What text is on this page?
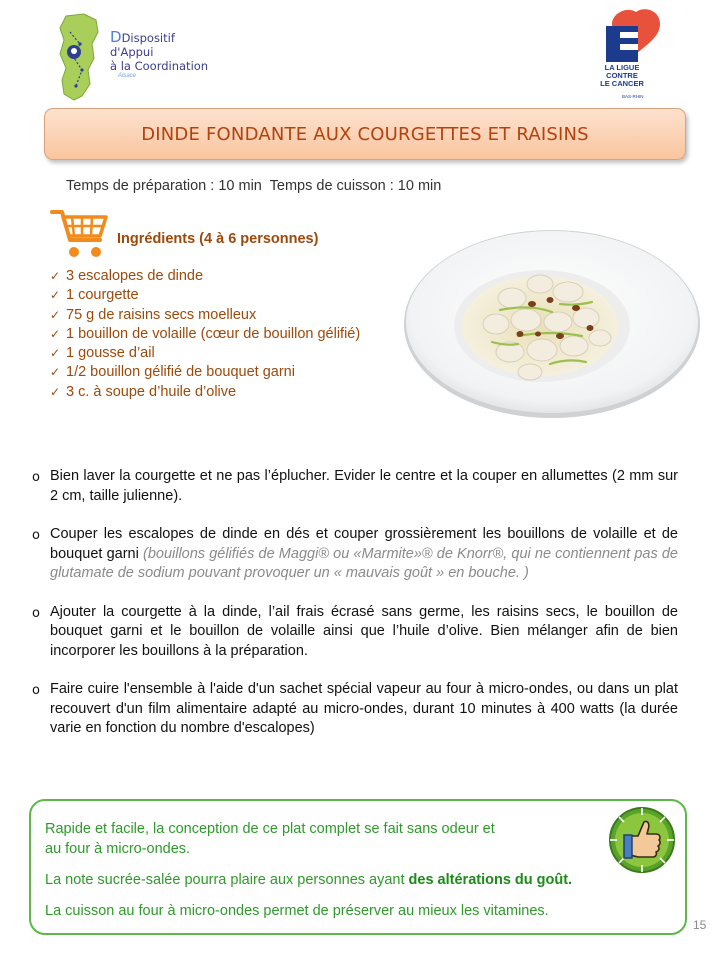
DDispositif
d'Appui
à la Coordination
Alsace
LA LIGUE
CONTRE
LE CANCER
BAS-RHIN
DINDE FONDANTE AUX COURGETTES ET RAISINS
Temps de préparation : 10 min  Temps de cuisson : 10 min
Ingrédients (4 à 6 personnes)
✓ 3 escalopes de dinde
✓ 1 courgette
✓ 75 g de raisins secs moelleux
✓ 1 bouillon de volaille (cœur de bouillon gélifié)
✓ 1 gousse d’ail
✓ 1/2 bouillon gélifié de bouquet garni
✓ 3 c. à soupe d’huile d’olive
o Bien laver la courgette et ne pas l’éplucher. Evider le centre et la couper en allumettes (2 mm sur 2 cm, taille julienne).
o Couper les escalopes de dinde en dés et couper grossièrement les bouillons de volaille et de bouquet garni (bouillons gélifiés de Maggi® ou «Marmite»® de Knorr®, qui ne contiennent pas de glutamate de sodium pouvant provoquer un « mauvais goût » en bouche. )
o Ajouter la courgette à la dinde, l’ail frais écrasé sans germe, les raisins secs, le bouillon de bouquet garni et le bouillon de volaille ainsi que l’huile d’olive. Bien mélanger afin de bien incorporer les bouillons à la préparation.
o Faire cuire l'ensemble à l'aide d'un sachet spécial vapeur au four à micro-ondes, ou dans un plat recouvert d'un film alimentaire adapté au micro-ondes, durant 10 minutes à 400 watts (la durée varie en fonction du nombre d'escalopes)
Rapide et facile, la conception de ce plat complet se fait sans odeur et
au four à micro-ondes.
La note sucrée-salée pourra plaire aux personnes ayant des altérations du goût.
La cuisson au four à micro-ondes permet de préserver au mieux les vitamines.
15
